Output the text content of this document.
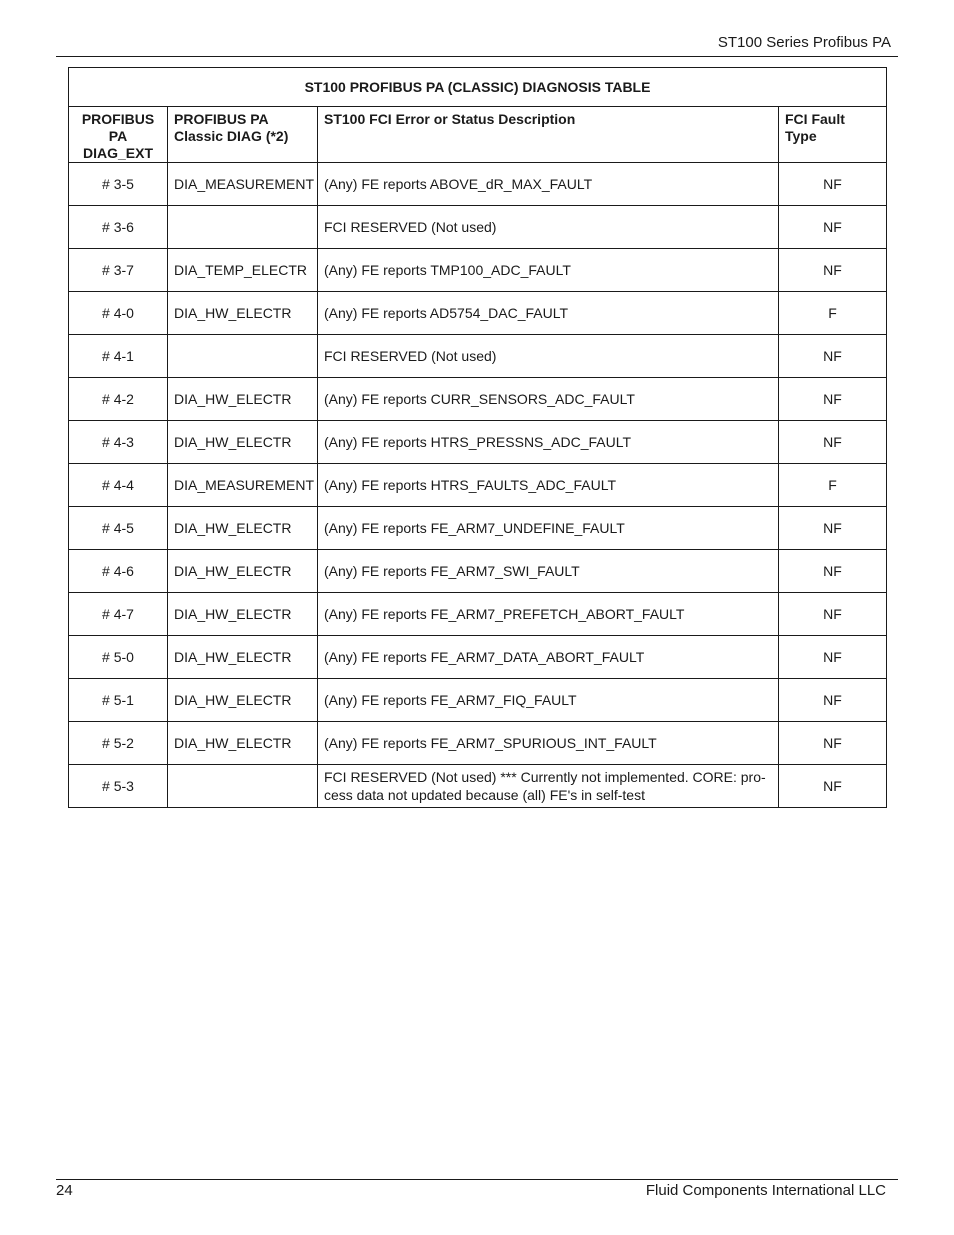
ST100 Series Profibus PA
ST100 PROFIBUS PA (CLASSIC) DIAGNOSIS TABLE			
PROFIBUS PA DIAG_EXT	PROFIBUS PA Classic DIAG (*2)	ST100 FCI Error or Status Description	FCI Fault Type
# 3-5	DIA_MEASUREMENT	(Any) FE reports ABOVE_dR_MAX_FAULT	NF
# 3-6		FCI RESERVED (Not used)	NF
# 3-7	DIA_TEMP_ELECTR	(Any) FE reports TMP100_ADC_FAULT	NF
# 4-0	DIA_HW_ELECTR	(Any) FE reports AD5754_DAC_FAULT	F
# 4-1		FCI RESERVED (Not used)	NF
# 4-2	DIA_HW_ELECTR	(Any) FE reports CURR_SENSORS_ADC_FAULT	NF
# 4-3	DIA_HW_ELECTR	(Any) FE reports HTRS_PRESSNS_ADC_FAULT	NF
# 4-4	DIA_MEASUREMENT	(Any) FE reports HTRS_FAULTS_ADC_FAULT	F
# 4-5	DIA_HW_ELECTR	(Any) FE reports FE_ARM7_UNDEFINE_FAULT	NF
# 4-6	DIA_HW_ELECTR	(Any) FE reports FE_ARM7_SWI_FAULT	NF
# 4-7	DIA_HW_ELECTR	(Any) FE reports FE_ARM7_PREFETCH_ABORT_FAULT	NF
# 5-0	DIA_HW_ELECTR	(Any) FE reports FE_ARM7_DATA_ABORT_FAULT	NF
# 5-1	DIA_HW_ELECTR	(Any) FE reports FE_ARM7_FIQ_FAULT	NF
# 5-2	DIA_HW_ELECTR	(Any) FE reports FE_ARM7_SPURIOUS_INT_FAULT	NF
# 5-3		FCI RESERVED (Not used) *** Currently not implemented. CORE: pro-cess data not updated because (all) FE's in self-test	NF
24	Fluid Components International LLC
